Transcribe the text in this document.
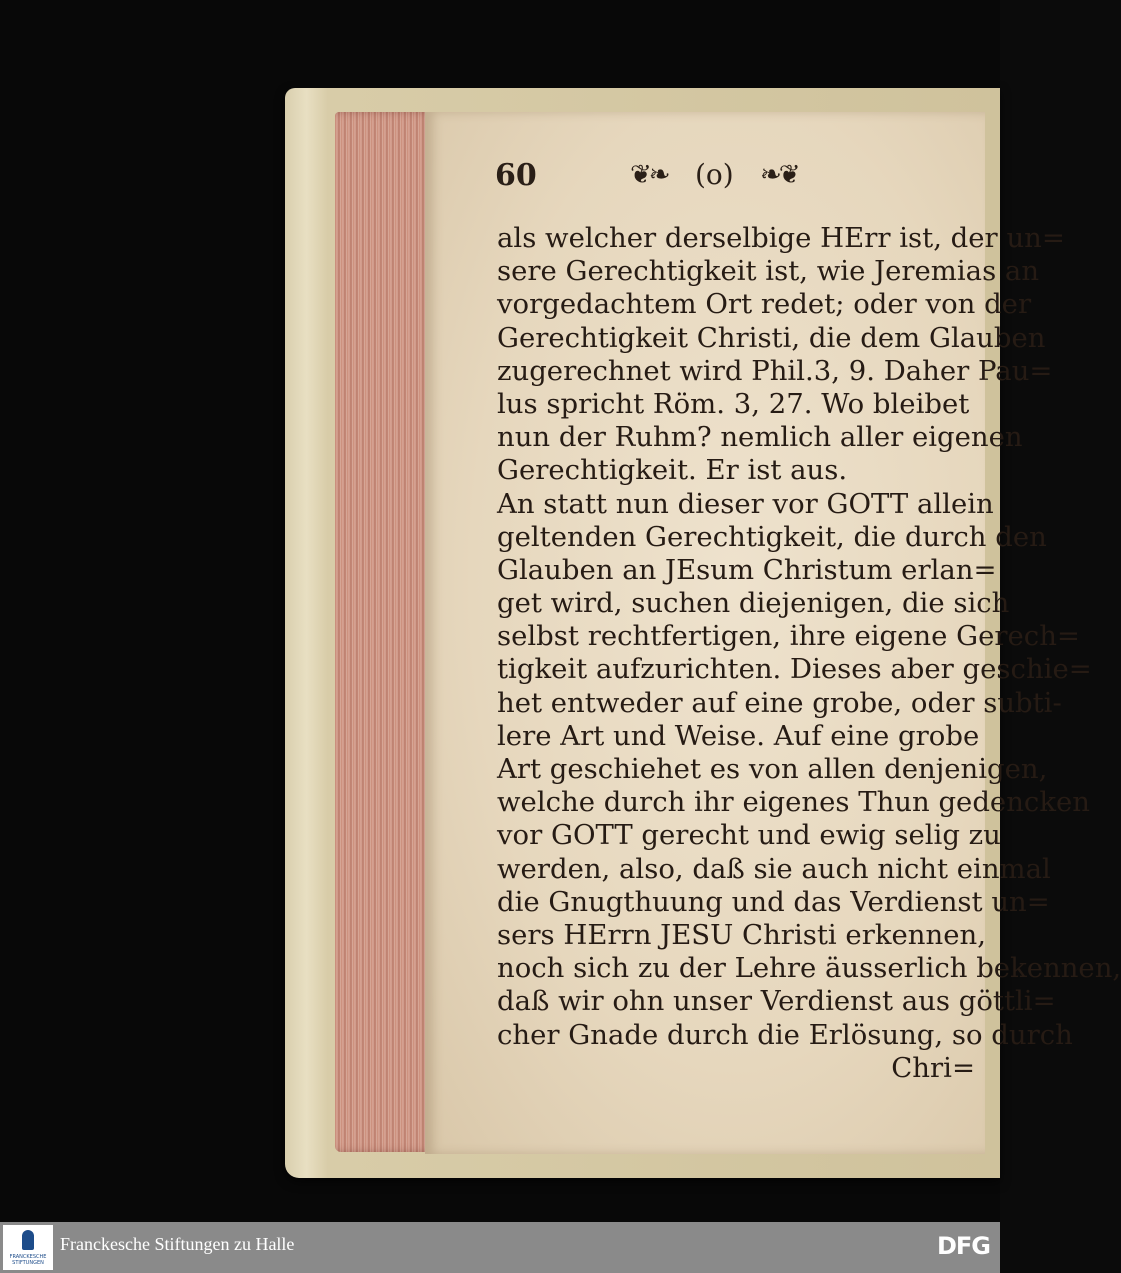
60	❦❧ (o) ❧❦
als welcher derselbige HErr ist, der un=
sere Gerechtigkeit ist, wie Jeremias an
vorgedachtem Ort redet; oder von der
Gerechtigkeit Christi, die dem Glauben
zugerechnet wird Phil.3, 9. Daher Pau=
lus spricht Röm. 3, 27. Wo bleibet
nun der Ruhm? nemlich aller eigenen
Gerechtigkeit. Er ist aus.
An statt nun dieser vor GOTT allein
geltenden Gerechtigkeit, die durch den
Glauben an JEsum Christum erlan=
get wird, suchen diejenigen, die sich
selbst rechtfertigen, ihre eigene Gerech=
tigkeit aufzurichten. Dieses aber geschie=
het entweder auf eine grobe, oder subti-
lere Art und Weise. Auf eine grobe
Art geschiehet es von allen denjenigen,
welche durch ihr eigenes Thun gedencken
vor GOTT gerecht und ewig selig zu
werden, also, daß sie auch nicht einmal
die Gnugthuung und das Verdienst un=
sers HErrn JESU Christi erkennen,
noch sich zu der Lehre äusserlich bekennen,
daß wir ohn unser Verdienst aus göttli=
cher Gnade durch die Erlösung, so durch
Chri=
FRANCKESCHE
STIFTUNGEN
Franckesche Stiftungen zu Halle	DFG
